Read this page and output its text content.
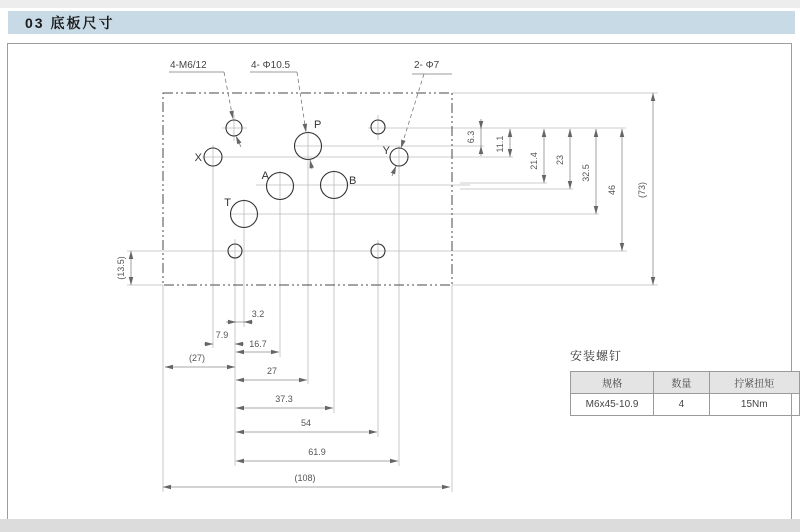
X
P
Y
A	B
T
4-M6/12	4- Φ10.5	2- Φ7
6.3 11.1
21.4 23
32.5
46 (73)
(13.5)
3.2
7.9
16.7
(27)
27
37.3
54
61.9
(108)
03 底板尺寸
安装螺钉
规格	数量	拧紧扭矩
M6x45-10.9	4	15Nm
